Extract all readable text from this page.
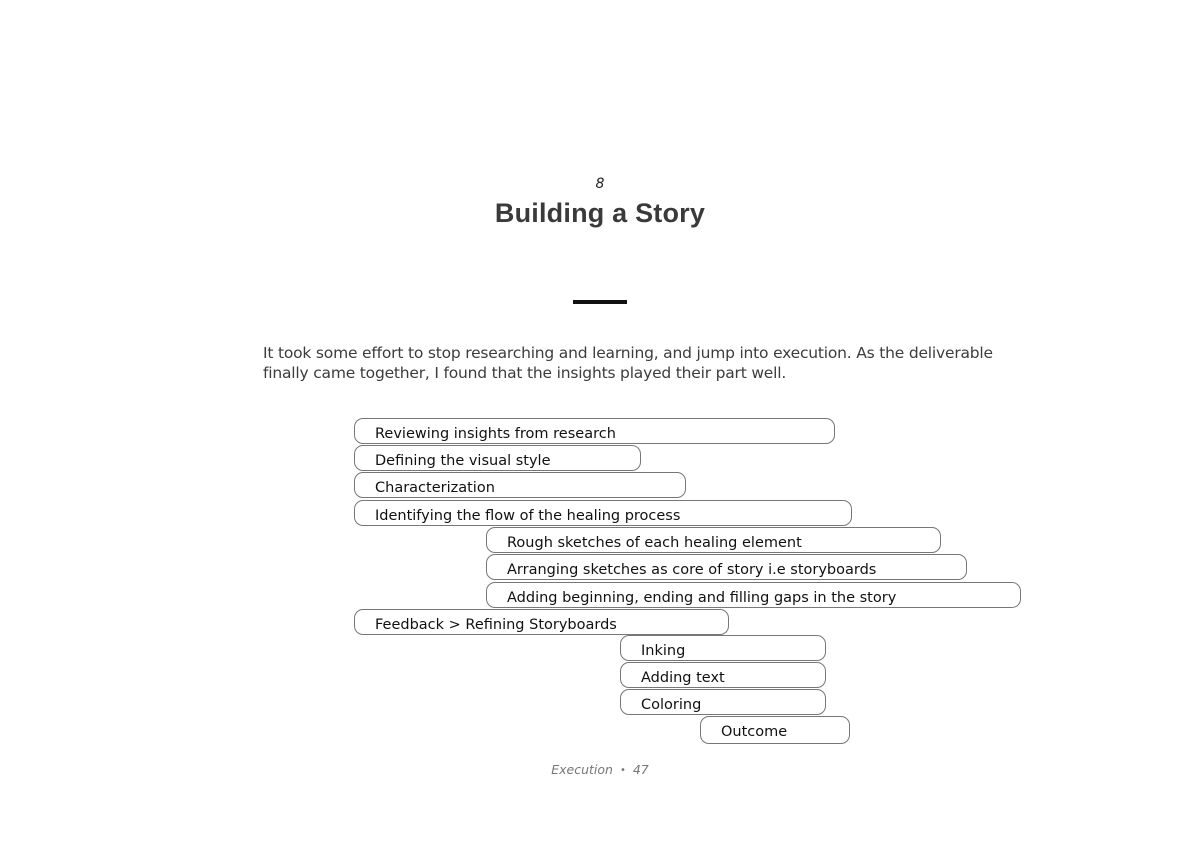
8
Building a Story

It took some effort to stop researching and learning, and jump into execution. As the deliverable
finally came together, I found that the insights played their part well.

Reviewing insights from research
Defining the visual style
Characterization
Identifying the flow of the healing process
Rough sketches of each healing element
Arranging sketches as core of story i.e storyboards
Adding beginning, ending and filling gaps in the story
Feedback > Refining Storyboards
Inking
Adding text
Coloring
Outcome
Execution • 47
